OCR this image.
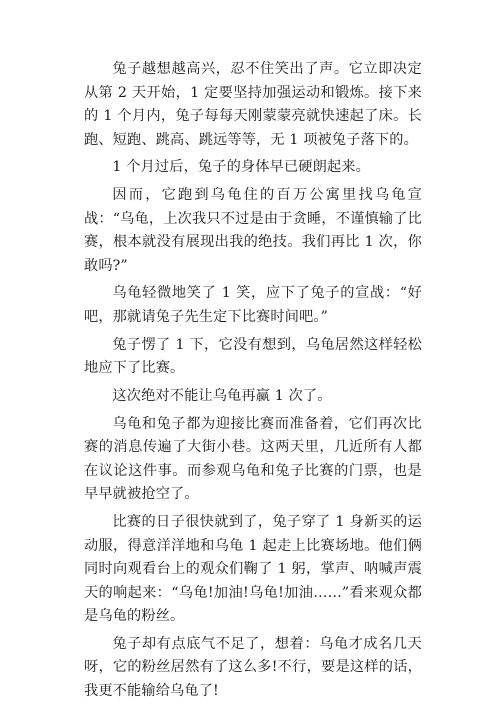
兔子越想越高兴，忍不住笑出了声。它立即决定从第 2 天开始，1 定要坚持加强运动和锻炼。接下来的 1 个月内，兔子每每天刚蒙蒙亮就快速起了床。长跑、短跑、跳高、跳远等等，无 1 项被兔子落下的。

1 个月过后，兔子的身体早已硬朗起来。

因而，它跑到乌龟住的百万公寓里找乌龟宣战：“乌龟，上次我只不过是由于贪睡，不谨慎输了比赛，根本就没有展现出我的绝技。我们再比 1 次，你敢吗?”

乌龟轻微地笑了 1 笑，应下了兔子的宣战：“好吧，那就请兔子先生定下比赛时间吧。”

兔子愣了 1 下，它没有想到，乌龟居然这样轻松地应下了比赛。

这次绝对不能让乌龟再赢 1 次了。

乌龟和兔子都为迎接比赛而准备着，它们再次比赛的消息传遍了大街小巷。这两天里，几近所有人都在议论这件事。而参观乌龟和兔子比赛的门票，也是早早就被抢空了。

比赛的日子很快就到了，兔子穿了 1 身新买的运动服，得意洋洋地和乌龟 1 起走上比赛场地。他们俩同时向观看台上的观众们鞠了 1 躬，掌声、呐喊声震天的响起来：“乌龟!加油!乌龟!加油……”看来观众都是乌龟的粉丝。

兔子却有点底气不足了，想着：乌龟才成名几天呀，它的粉丝居然有了这么多!不行，要是这样的话，我更不能输给乌龟了!
